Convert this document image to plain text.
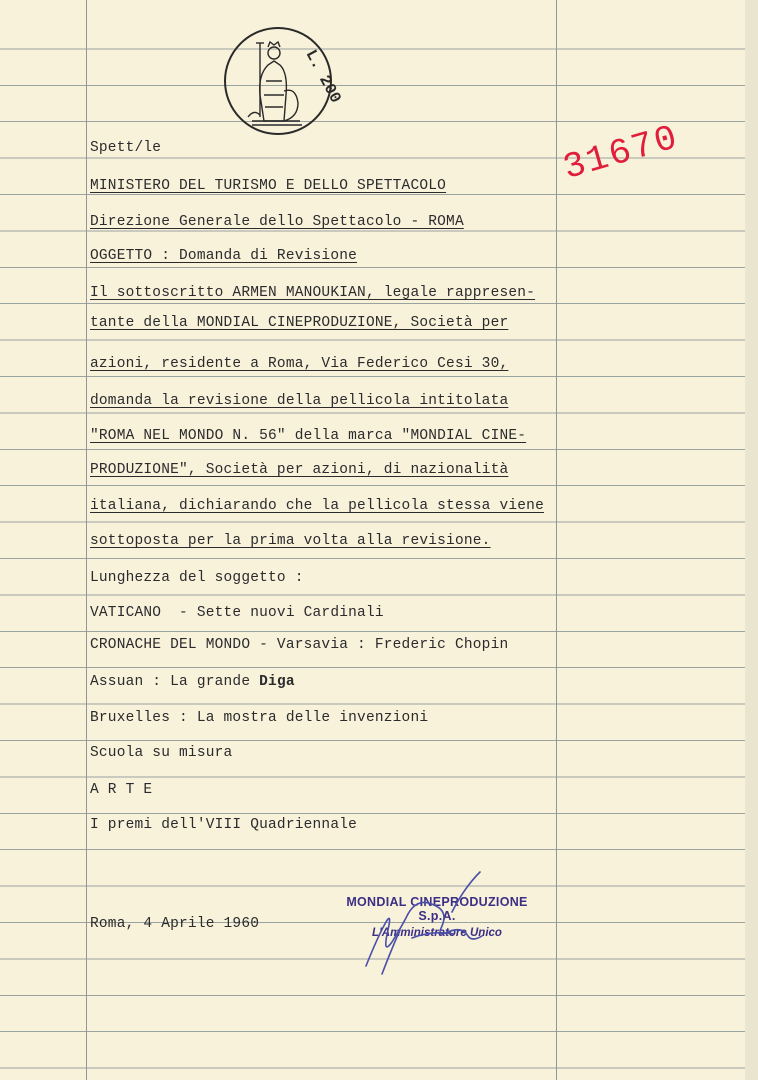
L. 200
31670
Spett/le
MINISTERO DEL TURISMO E DELLO SPETTACOLO
Direzione Generale dello Spettacolo - ROMA
OGGETTO : Domanda di Revisione
Il sottoscritto ARMEN MANOUKIAN, legale rappresen-
tante della MONDIAL CINEPRODUZIONE, Società per
azioni, residente a Roma, Via Federico Cesi 30,
domanda la revisione della pellicola intitolata
"ROMA NEL MONDO N. 56" della marca "MONDIAL CINE-
PRODUZIONE", Società per azioni, di nazionalità
italiana, dichiarando che la pellicola stessa viene
sottoposta per la prima volta alla revisione.
Lunghezza del soggetto :
VATICANO  - Sette nuovi Cardinali
CRONACHE DEL MONDO - Varsavia : Frederic Chopin
Assuan : La grande Diga
Bruxelles : La mostra delle invenzioni
Scuola su misura
A R T E
I premi dell'VIII Quadriennale
Roma, 4 Aprile 1960
MONDIAL CINEPRODUZIONE S.p.A.
L'Amministratore Unico
